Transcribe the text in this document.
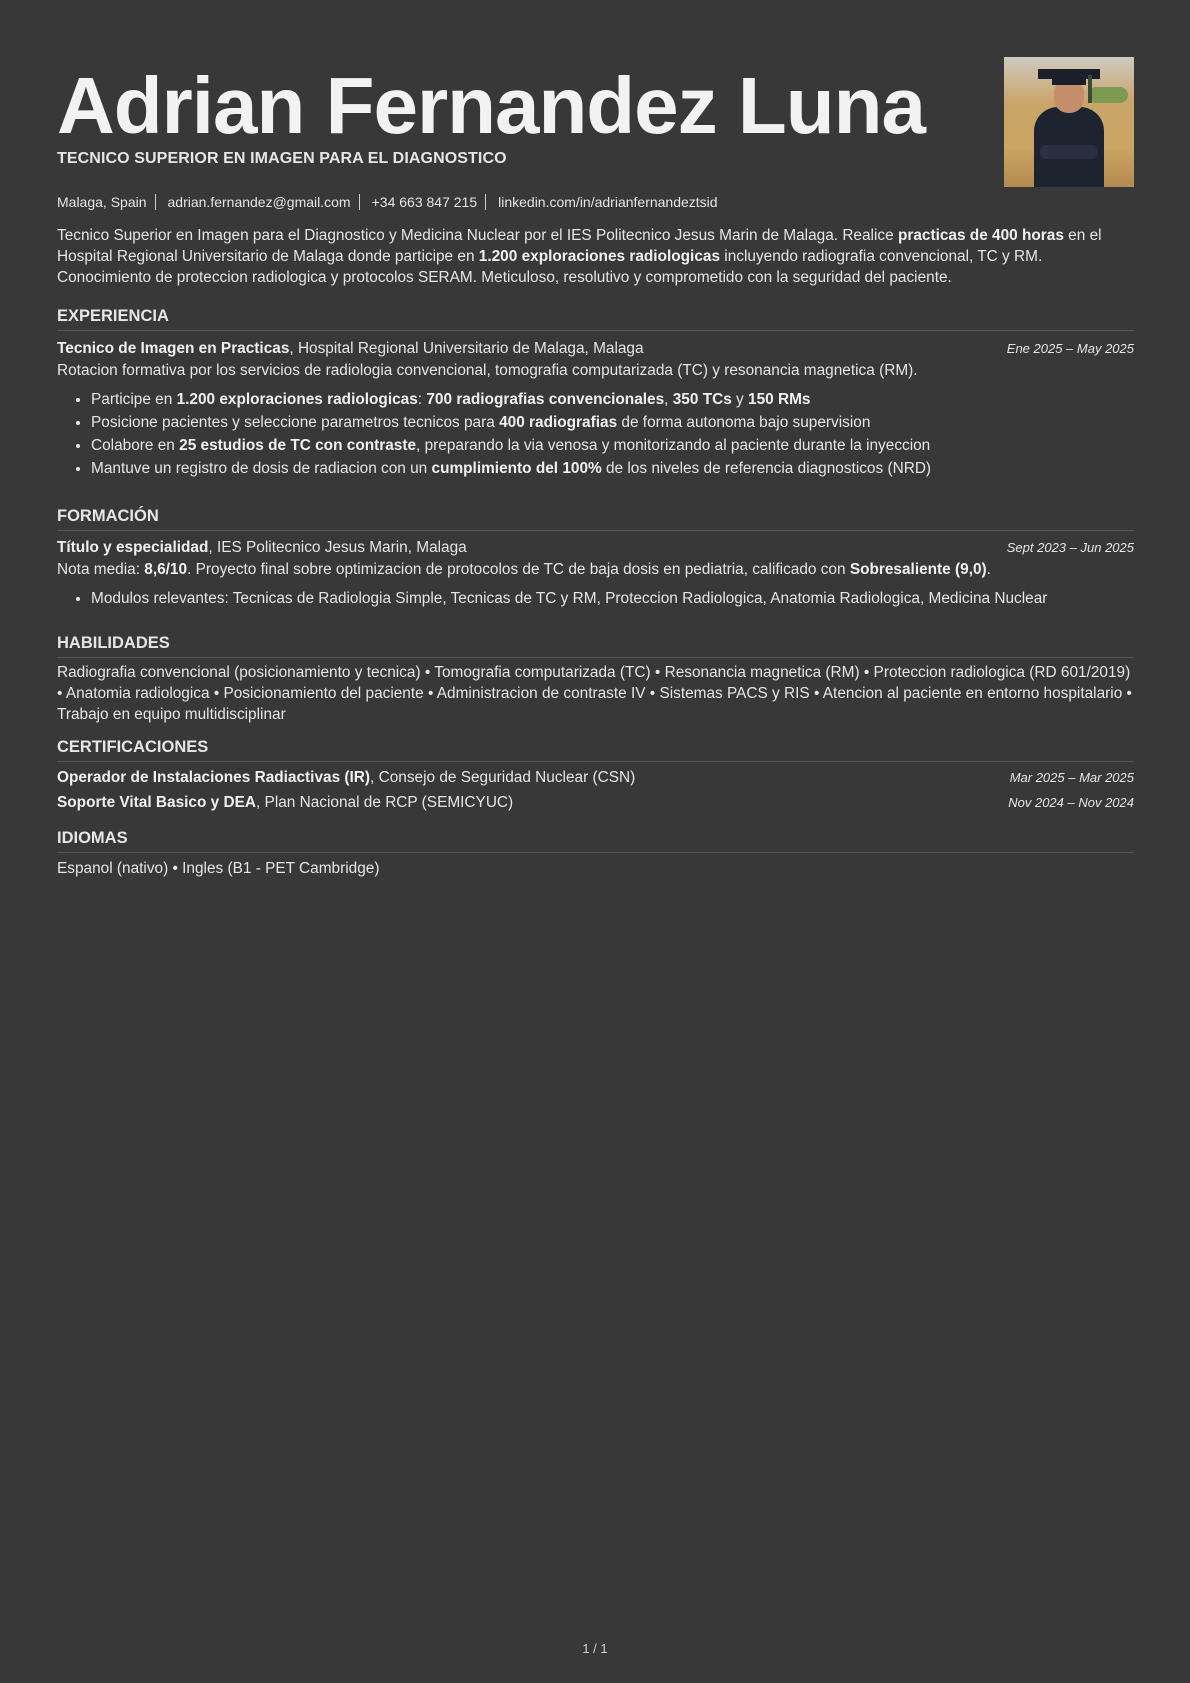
Adrian Fernandez Luna
TECNICO SUPERIOR EN IMAGEN PARA EL DIAGNOSTICO
Malaga, Spain adrian.fernandez@gmail.com +34 663 847 215 linkedin.com/in/adrianfernandeztsid
Tecnico Superior en Imagen para el Diagnostico y Medicina Nuclear por el IES Politecnico Jesus Marin de Malaga. Realice practicas de 400 horas en el Hospital Regional Universitario de Malaga donde participe en 1.200 exploraciones radiologicas incluyendo radiografia convencional, TC y RM. Conocimiento de proteccion radiologica y protocolos SERAM. Meticuloso, resolutivo y comprometido con la seguridad del paciente.
EXPERIENCIA
Tecnico de Imagen en Practicas, Hospital Regional Universitario de Malaga, Malaga	Ene 2025 – May 2025
Rotacion formativa por los servicios de radiologia convencional, tomografia computarizada (TC) y resonancia magnetica (RM).
• Participe en 1.200 exploraciones radiologicas: 700 radiografias convencionales, 350 TCs y 150 RMs
• Posicione pacientes y seleccione parametros tecnicos para 400 radiografias de forma autonoma bajo supervision
• Colabore en 25 estudios de TC con contraste, preparando la via venosa y monitorizando al paciente durante la inyeccion
• Mantuve un registro de dosis de radiacion con un cumplimiento del 100% de los niveles de referencia diagnosticos (NRD)
FORMACIÓN
Título y especialidad, IES Politecnico Jesus Marin, Malaga	Sept 2023 – Jun 2025
Nota media: 8,6/10. Proyecto final sobre optimizacion de protocolos de TC de baja dosis en pediatria, calificado con Sobresaliente (9,0).
• Modulos relevantes: Tecnicas de Radiologia Simple, Tecnicas de TC y RM, Proteccion Radiologica, Anatomia Radiologica, Medicina Nuclear
HABILIDADES
Radiografia convencional (posicionamiento y tecnica) • Tomografia computarizada (TC) • Resonancia magnetica (RM) • Proteccion radiologica (RD 601/2019) • Anatomia radiologica • Posicionamiento del paciente • Administracion de contraste IV • Sistemas PACS y RIS • Atencion al paciente en entorno hospitalario • Trabajo en equipo multidisciplinar
CERTIFICACIONES
Operador de Instalaciones Radiactivas (IR), Consejo de Seguridad Nuclear (CSN)	Mar 2025 – Mar 2025
Soporte Vital Basico y DEA, Plan Nacional de RCP (SEMICYUC)	Nov 2024 – Nov 2024
IDIOMAS
Espanol (nativo) • Ingles (B1 - PET Cambridge)
1 / 1
